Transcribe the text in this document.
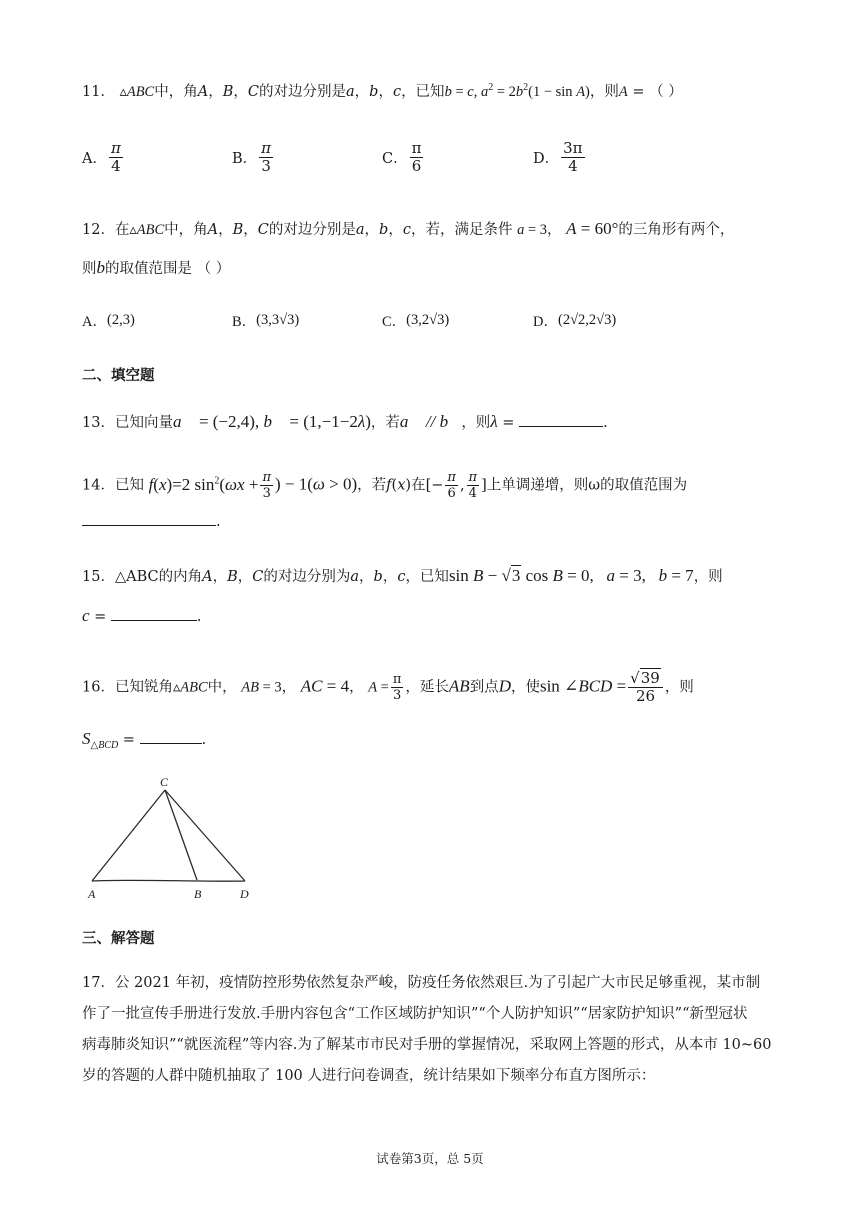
11． ▵ABC中，角A，B，C的对边分别是a，b，c，已知b = c, $a^2 = 2b^2(1 - \sin A)$，则A = （ ）
A． $\frac{\pi}{4}$	B． $\frac{\pi}{3}$	C． $\frac{\pi}{6}$	D． $\frac{3\pi}{4}$
12．在▵ABC中，角A，B，C的对边分别是a，b，c，若，满足条件 a = 3， A = 60°的三角形有两个，
则b的取值范围是 （ ）
A． (2,3)	B． (3,3√3)	C． (3,2√3)	D． (2√2,2√3)
二、填空题
13．已知向量a⃗ = (−2,4), b⃗ = (1,−1−2λ)，若a⃗ // b⃗，则λ =	.
14．已知 f(x)=2 $\sin^2(\omega x + \frac{\pi}{3}$ ) − 1(ω > 0)，若f(x)在[− $\frac{\pi}{6}$ , $\frac{\pi}{4}$ ]上单调递增，则ω的取值范围为
.
15．△ABC的内角A，B，C的对边分别为a，b，c，已知sin B − √3 cos B = 0,   a = 3,   b = 7，则
c =	.
16．已知锐角▵ABC中， AB = 3， AC = 4， $A = \frac{\pi}{3}$ ，延长AB到点D，使sin ∠BCD = $\frac{√39}{26}$ ，则
$S_{\triangle BCD}$ =	.
C
A	B	D
三、解答题
17．公 2021 年初，疫情防控形势依然复杂严峻，防疫任务依然艰巨.为了引起广大市民足够重视，某市制
作了一批宣传手册进行发放.手册内容包含“工作区域防护知识”“个人防护知识”“居家防护知识”“新型冠状
病毒肺炎知识”“就医流程”等内容.为了解某市市民对手册的掌握情况，采取网上答题的形式，从本市 10~60
岁的答题的人群中随机抽取了 100 人进行问卷调查，统计结果如下频率分布直方图所示：
试卷第3页，总 5页
